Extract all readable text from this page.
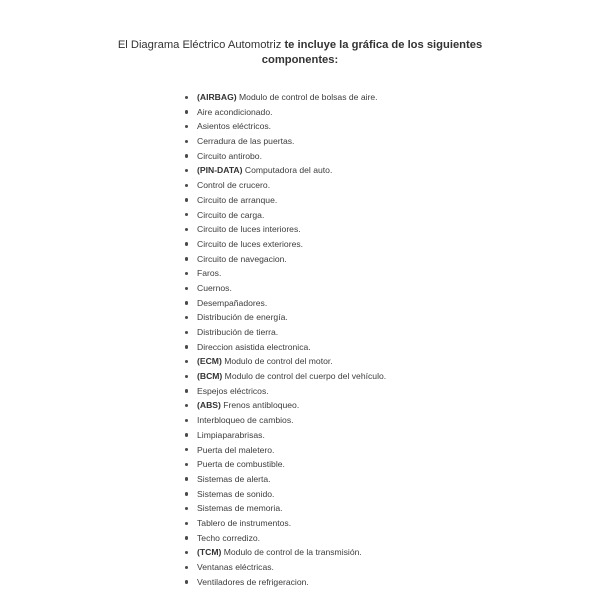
El Diagrama Eléctrico Automotriz te incluye la gráfica de los siguientes componentes:
(AIRBAG) Modulo de control de bolsas de aire.
Aire acondicionado.
Asientos eléctricos.
Cerradura de las puertas.
Circuito antirobo.
(PIN-DATA) Computadora del auto.
Control de crucero.
Circuito de arranque.
Circuito de carga.
Circuito de luces interiores.
Circuito de luces exteriores.
Circuito de navegacion.
Faros.
Cuernos.
Desempañadores.
Distribución de energía.
Distribución de tierra.
Direccion asistida electronica.
(ECM) Modulo de control del motor.
(BCM) Modulo de control del cuerpo del vehículo.
Espejos eléctricos.
(ABS) Frenos antibloqueo.
Interbloqueo de cambios.
Limpiaparabrisas.
Puerta del maletero.
Puerta de combustible.
Sistemas de alerta.
Sistemas de sonido.
Sistemas de memoria.
Tablero de instrumentos.
Techo corredizo.
(TCM) Modulo de control de la transmisión.
Ventanas eléctricas.
Ventiladores de refrigeracion.
